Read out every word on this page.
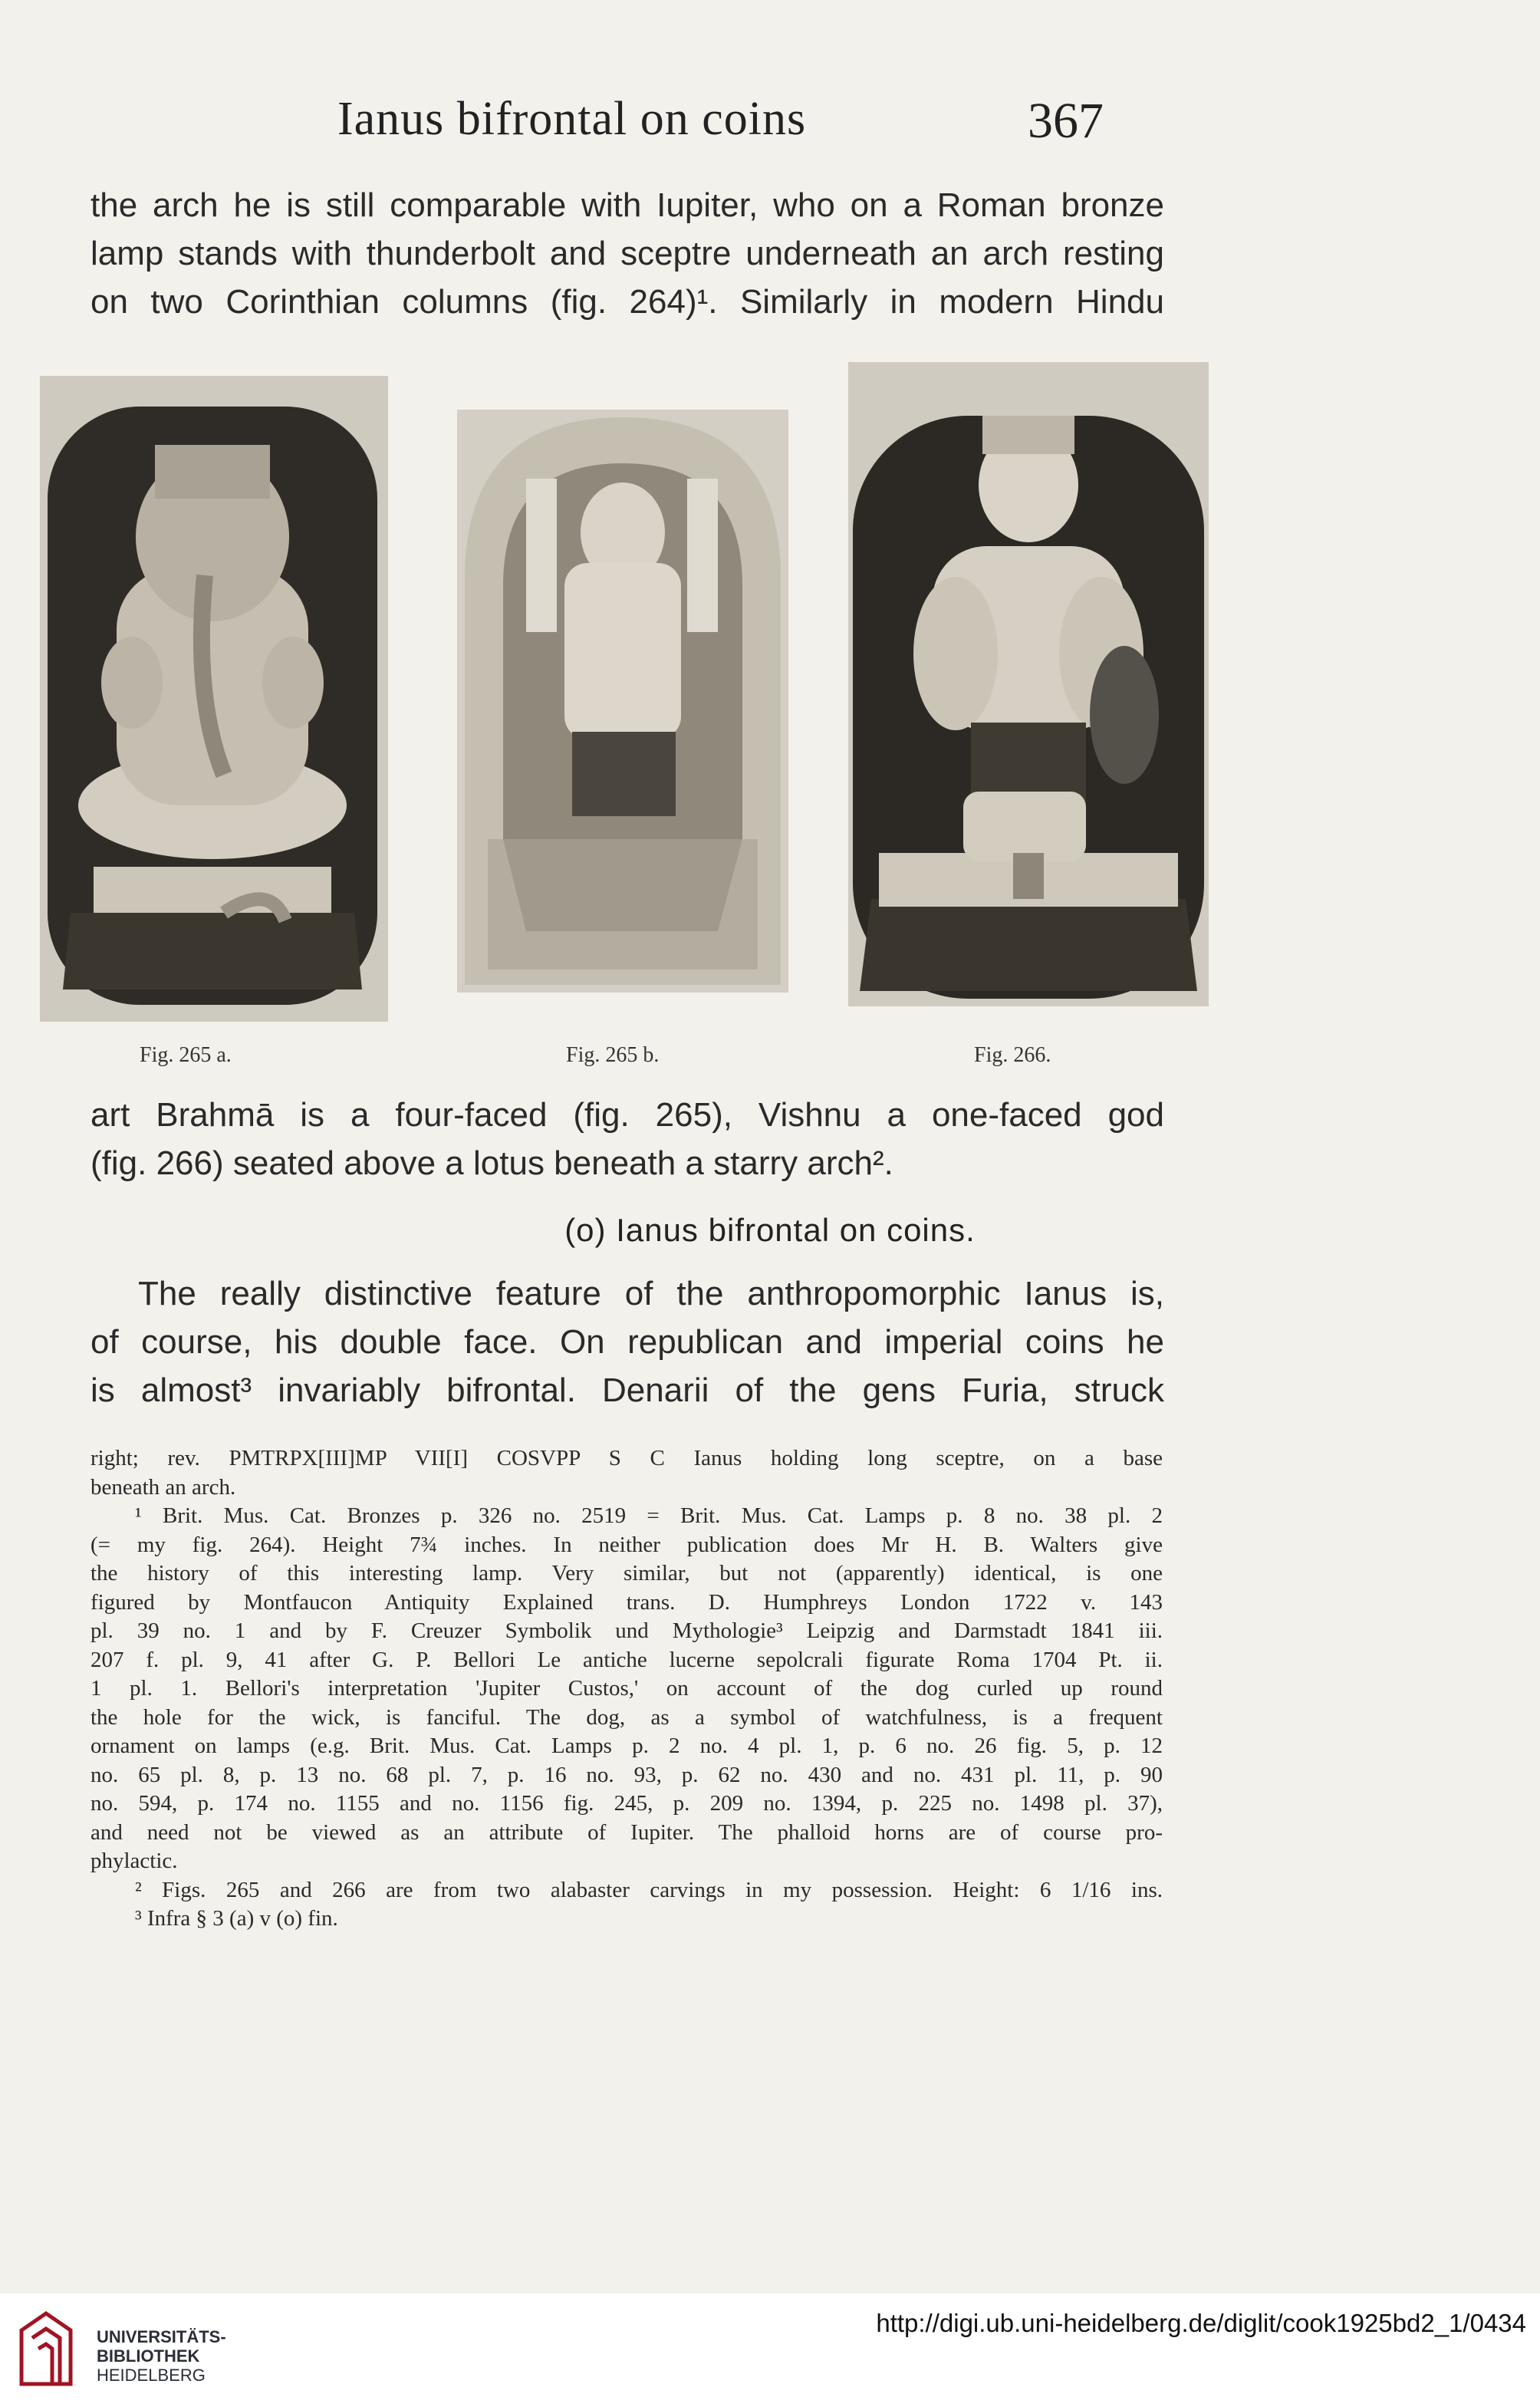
Ianus bifrontal on coins	367
the arch he is still comparable with Iupiter, who on a Roman bronze
lamp stands with thunderbolt and sceptre underneath an arch resting
on two Corinthian columns (fig. 264)¹. Similarly in modern Hindu
Fig. 265 a.	Fig. 265 b.	Fig. 266.
art Brahmā is a four-faced (fig. 265), Vishnu a one-faced god
(fig. 266) seated above a lotus beneath a starry arch².
(o) Ianus bifrontal on coins.
The really distinctive feature of the anthropomorphic Ianus is,
of course, his double face. On republican and imperial coins he
is almost³ invariably bifrontal. Denarii of the gens Furia, struck
right; rev. PMTRPX[III]MP VII[I] COSVPP S C Ianus holding long sceptre, on a base
beneath an arch.
¹ Brit. Mus. Cat. Bronzes p. 326 no. 2519 = Brit. Mus. Cat. Lamps p. 8 no. 38 pl. 2
(= my fig. 264). Height 7¾ inches. In neither publication does Mr H. B. Walters give
the history of this interesting lamp. Very similar, but not (apparently) identical, is one
figured by Montfaucon Antiquity Explained trans. D. Humphreys London 1722 v. 143
pl. 39 no. 1 and by F. Creuzer Symbolik und Mythologie³ Leipzig and Darmstadt 1841 iii.
207 f. pl. 9, 41 after G. P. Bellori Le antiche lucerne sepolcrali figurate Roma 1704 Pt. ii.
1 pl. 1. Bellori's interpretation 'Jupiter Custos,' on account of the dog curled up round
the hole for the wick, is fanciful. The dog, as a symbol of watchfulness, is a frequent
ornament on lamps (e.g. Brit. Mus. Cat. Lamps p. 2 no. 4 pl. 1, p. 6 no. 26 fig. 5, p. 12
no. 65 pl. 8, p. 13 no. 68 pl. 7, p. 16 no. 93, p. 62 no. 430 and no. 431 pl. 11, p. 90
no. 594, p. 174 no. 1155 and no. 1156 fig. 245, p. 209 no. 1394, p. 225 no. 1498 pl. 37),
and need not be viewed as an attribute of Iupiter. The phalloid horns are of course pro-
phylactic.
² Figs. 265 and 266 are from two alabaster carvings in my possession. Height: 6 1/16 ins.
³ Infra § 3 (a) v (o) fin.
UNIVERSITÄTS-
BIBLIOTHEK
HEIDELBERG
http://digi.ub.uni-heidelberg.de/diglit/cook1925bd2_1/0434
